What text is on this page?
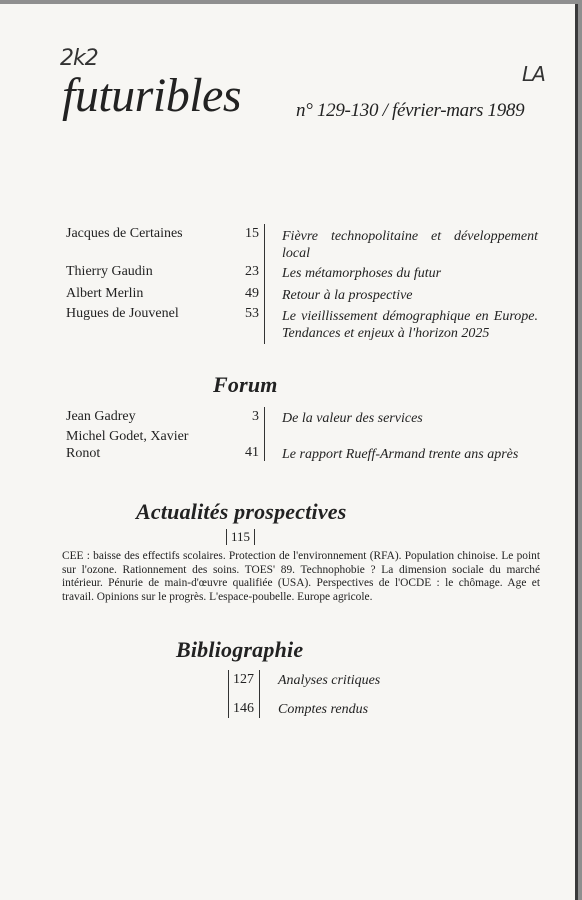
2k2
LA
futuribles	n° 129-130 / février-mars 1989
Jacques de Certaines	15 Fièvre technopolitaine et développement local
Thierry Gaudin	23 Les métamorphoses du futur
Albert Merlin	49 Retour à la prospective
Hugues de Jouvenel	53 Le vieillissement démographique en Europe. Tendances et enjeux à l'horizon 2025
Forum
Jean Gadrey	3 De la valeur des services
Michel Godet, Xavier Ronot	41 Le rapport Rueff-Armand trente ans après
Actualités prospectives
115
CEE : baisse des effectifs scolaires. Protection de l'environnement (RFA). Population chinoise. Le point sur l'ozone. Rationnement des soins. TOES' 89. Technophobie ? La dimension sociale du marché intérieur. Pénurie de main-d'œuvre qualifiée (USA). Perspectives de l'OCDE : le chômage. Age et travail. Opinions sur le progrès. L'espace-poubelle. Europe agricole.
Bibliographie
127 Analyses critiques
146 Comptes rendus
